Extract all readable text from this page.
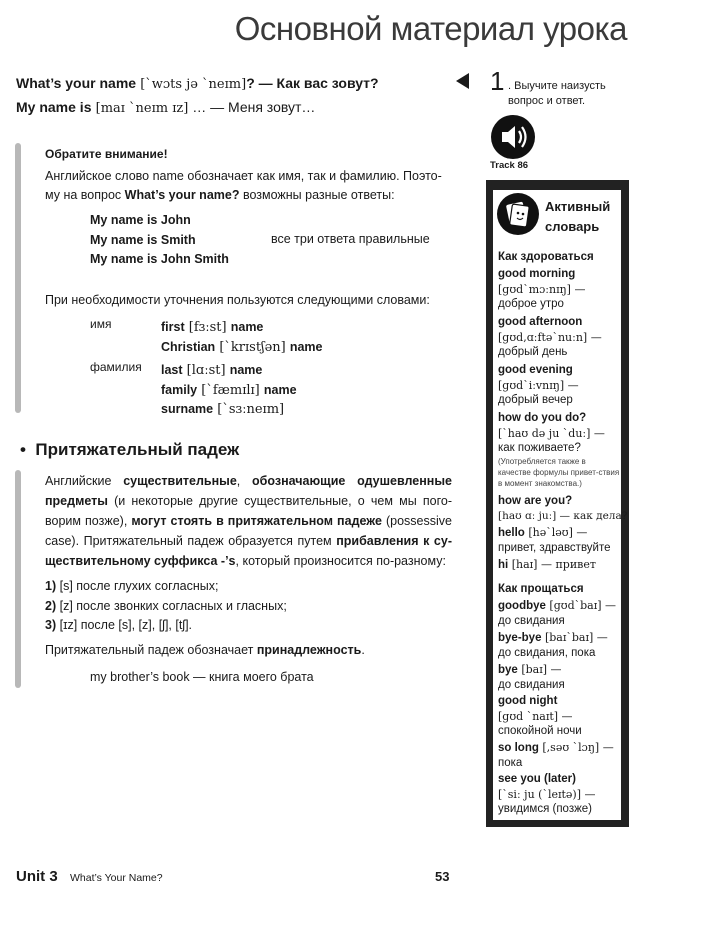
Основной материал урока
What’s your name [`wɔts jə `neɪm]? — Как вас зовут?
My name is [maɪ `neɪm ɪz] … — Меня зовут…
Обратите внимание!
Английское слово name обозначает как имя, так и фамилию. Поэто-
му на вопрос What’s your name? возможны разные ответы:
My name is John
My name is Smith
My name is John Smith
все три ответа правильные
При необходимости уточнения пользуются следующими словами:
имя	first [fɜːst] name
Christian [`krɪstʃən] name
фамилия last [lɑːst] name
family [`fæmɪlɪ] name
surname [`sɜːneɪm]
• Притяжательный падеж
Английские существительные, обозначающие одушевленные предметы (и некоторые другие существительные, о чем мы пого-ворим позже), могут стоять в притяжательном падеже (possessive case). Притяжательный падеж образуется путем прибавления к су-ществительному суффикса -’s, который произносится по-разному:
1) [s] после глухих согласных;
2) [z] после звонких согласных и гласных;
3) [ɪz] после [s], [z], [ʃ], [tʃ].
Притяжательный падеж обозначает принадлежность.
my brother’s book — книга моего брата
1 . Выучите наизусть вопрос и ответ.
Track 86
Активный
словарь
Как здороваться
good morning
[gʊd`mɔːnɪŋ] —
доброе утро
good afternoon
[gʊd,ɑːftə`nuːn] —
добрый день
good evening
[gʊd`iːvnɪŋ] —
добрый вечер
how do you do?
[`haʊ də ju `duː] —
как поживаете?
(Употребляется также в качестве формулы привет-ствия в момент знакомства.)
how are you?
[haʊ ɑː juː] — как дела?
hello [hə`ləʊ] —
привет, здравствуйте
hi [haɪ] — привет
Как прощаться
goodbye [gʊd`baɪ] —
до свидания
bye-bye [baɪ`baɪ] —
до свидания, пока
bye [baɪ] —
до свидания
good night
[gʊd `naɪt] —
спокойной ночи
so long [,səʊ `lɔŋ] —
пока
see you (later)
[`siː ju (`leɪtə)] —
увидимся (позже)
Unit 3 What’s Your Name?	53
